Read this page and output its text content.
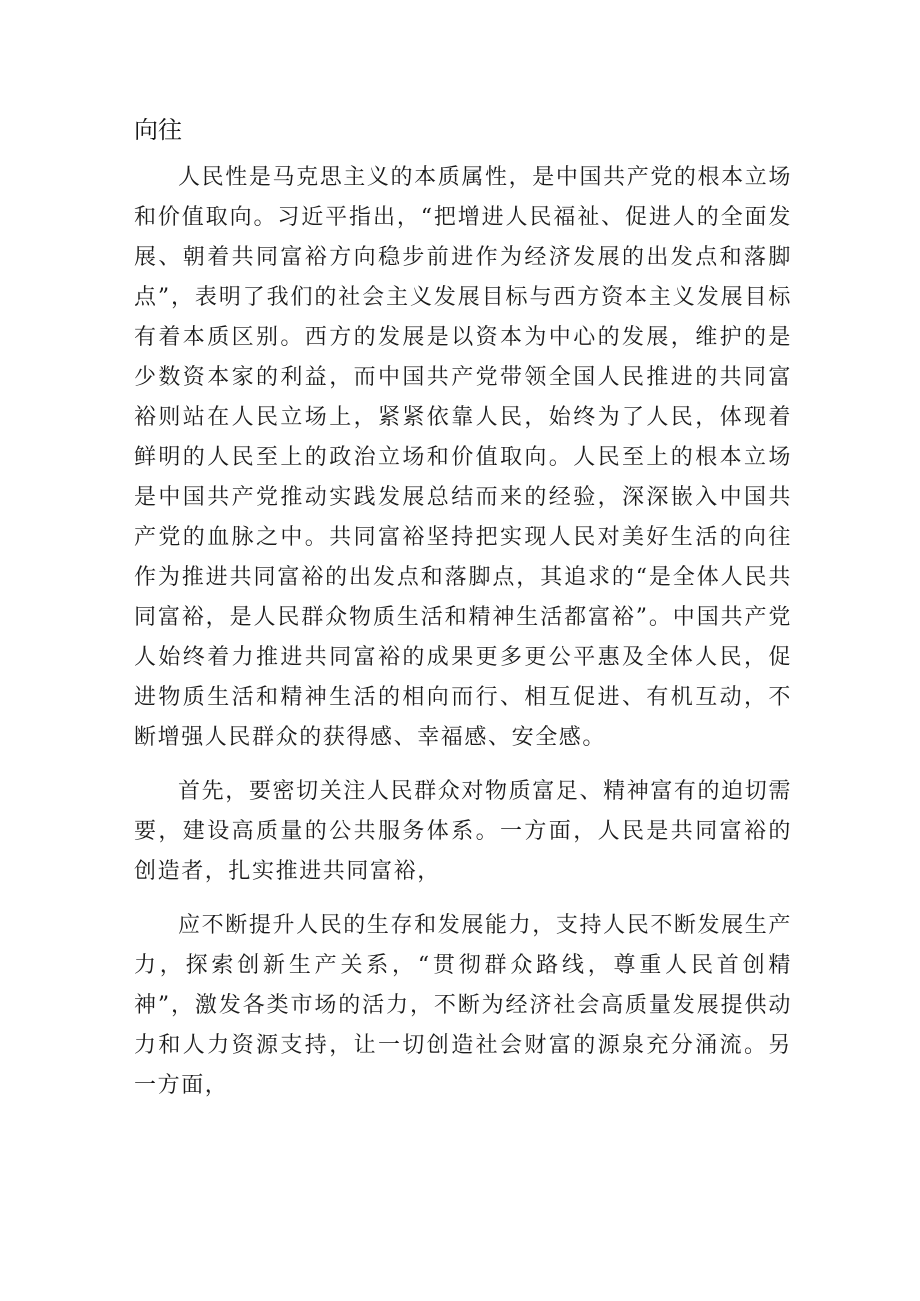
向往

人民性是马克思主义的本质属性，是中国共产党的根本立场和价值取向。习近平指出，“把增进人民福祉、促进人的全面发展、朝着共同富裕方向稳步前进作为经济发展的出发点和落脚点”，表明了我们的社会主义发展目标与西方资本主义发展目标有着本质区别。西方的发展是以资本为中心的发展，维护的是少数资本家的利益，而中国共产党带领全国人民推进的共同富裕则站在人民立场上，紧紧依靠人民，始终为了人民，体现着鲜明的人民至上的政治立场和价值取向。人民至上的根本立场是中国共产党推动实践发展总结而来的经验，深深嵌入中国共产党的血脉之中。共同富裕坚持把实现人民对美好生活的向往作为推进共同富裕的出发点和落脚点，其追求的“是全体人民共同富裕，是人民群众物质生活和精神生活都富裕”。中国共产党人始终着力推进共同富裕的成果更多更公平惠及全体人民，促进物质生活和精神生活的相向而行、相互促进、有机互动，不断增强人民群众的获得感、幸福感、安全感。

首先，要密切关注人民群众对物质富足、精神富有的迫切需要，建设高质量的公共服务体系。一方面，人民是共同富裕的创造者，扎实推进共同富裕，

应不断提升人民的生存和发展能力，支持人民不断发展生产力，探索创新生产关系，“贯彻群众路线，尊重人民首创精神”，激发各类市场的活力，不断为经济社会高质量发展提供动力和人力资源支持，让一切创造社会财富的源泉充分涌流。另一方面，
